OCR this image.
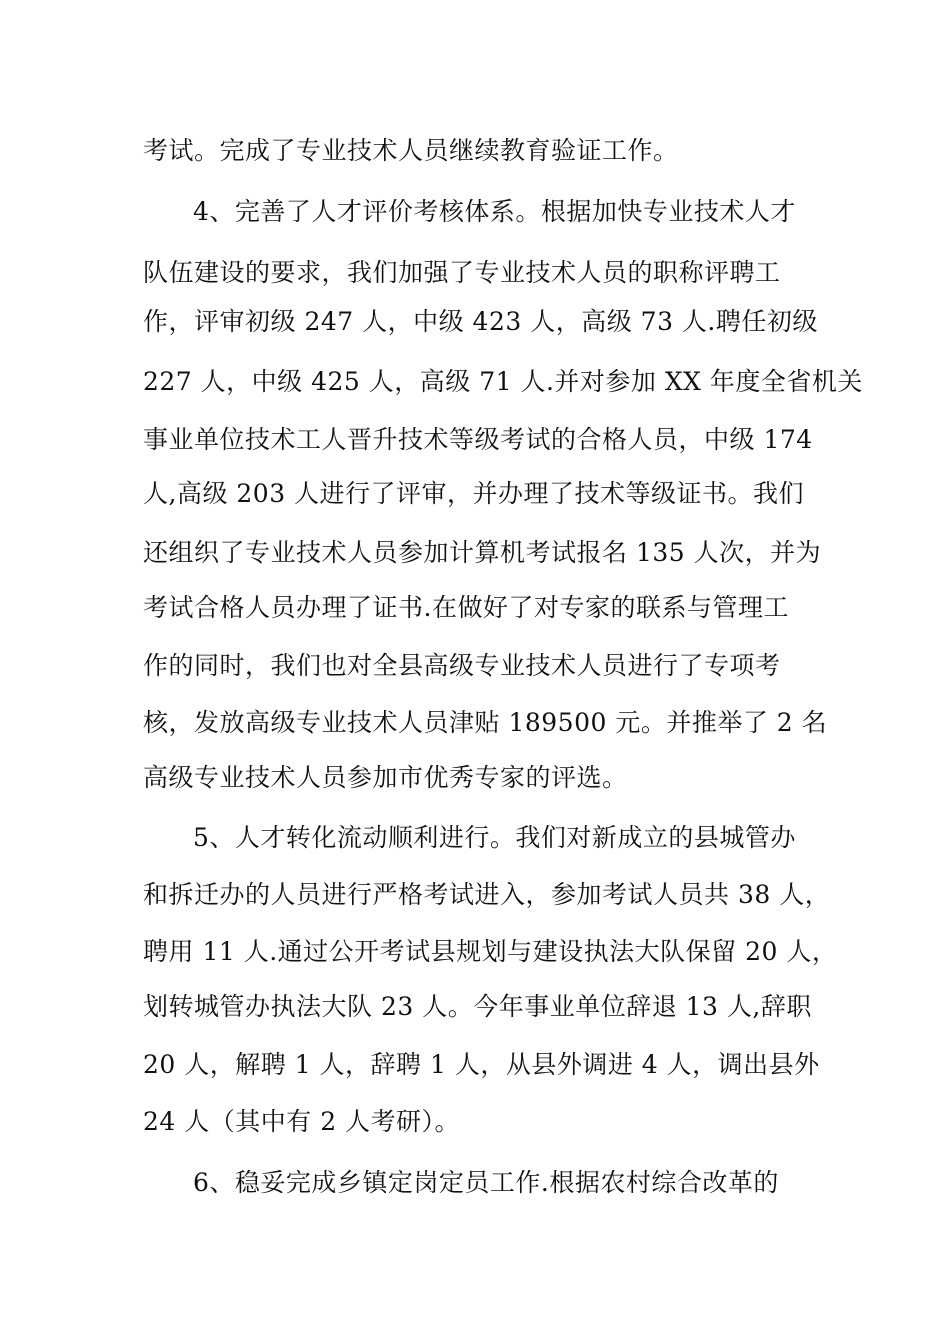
考试。完成了专业技术人员继续教育验证工作。
4、完善了人才评价考核体系。根据加快专业技术人才
队伍建设的要求，我们加强了专业技术人员的职称评聘工
作，评审初级 247 人，中级 423 人，高级 73 人.聘任初级
227 人，中级 425 人，高级 71 人.并对参加 XX 年度全省机关
事业单位技术工人晋升技术等级考试的合格人员，中级 174
人,高级 203 人进行了评审，并办理了技术等级证书。我们
还组织了专业技术人员参加计算机考试报名 135 人次，并为
考试合格人员办理了证书.在做好了对专家的联系与管理工
作的同时，我们也对全县高级专业技术人员进行了专项考
核，发放高级专业技术人员津贴 189500 元。并推举了 2 名
高级专业技术人员参加市优秀专家的评选。
5、人才转化流动顺利进行。我们对新成立的县城管办
和拆迁办的人员进行严格考试进入，参加考试人员共 38 人，
聘用 11 人.通过公开考试县规划与建设执法大队保留 20 人，
划转城管办执法大队 23 人。今年事业单位辞退 13 人,辞职
20 人，解聘 1 人，辞聘 1 人，从县外调进 4 人，调出县外
24 人（其中有 2 人考研）。
6、稳妥完成乡镇定岗定员工作.根据农村综合改革的
